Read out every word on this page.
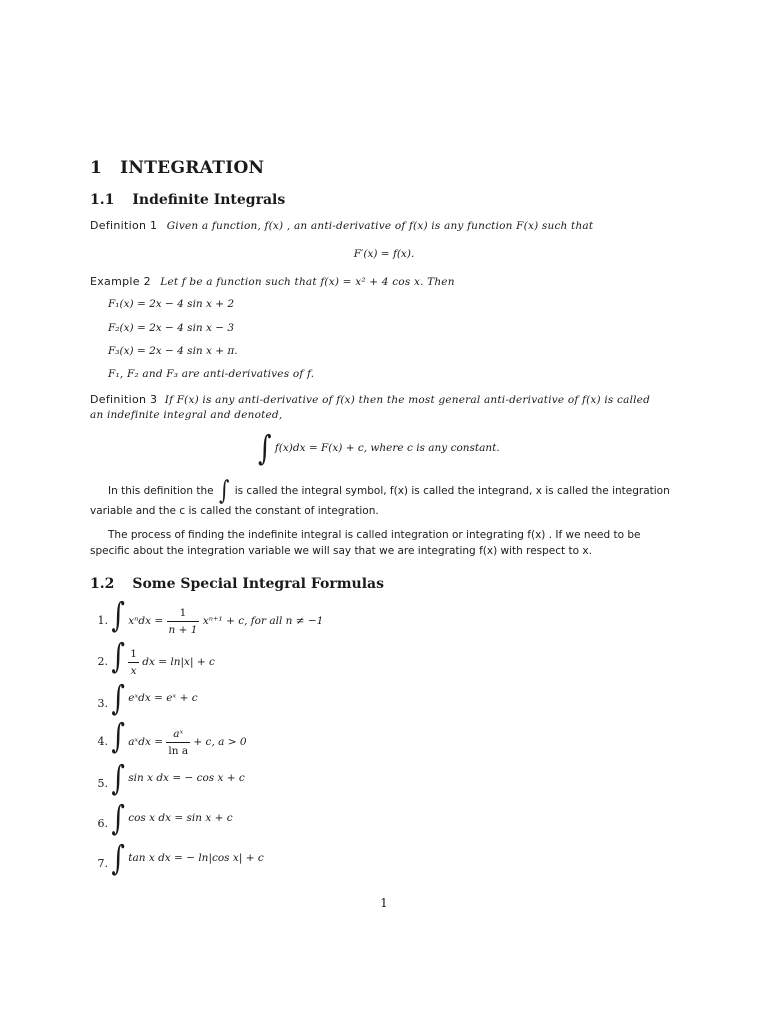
1 INTEGRATION
1.1 Indefinite Integrals
Definition 1 Given a function, f(x) , an anti-derivative of f(x) is any function F(x) such that
F′(x) = f(x).
Example 2 Let f be a function such that f(x) = x² + 4 cos x. Then
F₁(x) = 2x − 4 sin x + 2
F₂(x) = 2x − 4 sin x − 3
F₃(x) = 2x − 4 sin x + π.
F₁, F₂ and F₃ are anti-derivatives of f.
Definition 3 If F(x) is any anti-derivative of f(x) then the most general anti-derivative of f(x) is called
an indefinite integral and denoted,
∫ f(x)dx = F(x) + c, where c is any constant.
In this definition the ∫ is called the integral symbol, f(x) is called the integrand, x is called the integration
variable and the c is called the constant of integration.
The process of finding the indefinite integral is called integration or integrating f(x) . If we need to be
specific about the integration variable we will say that we are integrating f(x) with respect to x.
1.2 Some Special Integral Formulas
1. ∫ $x^ndx = \frac{1}{n + 1} x^{n+1} + c$, for all n ≠ −1
2. ∫ $\frac{1}{x}$ dx = ln|x| + c
3. ∫ eˣdx = eˣ + c
4. ∫ aˣdx = $\frac{\text{aˣ}}{\text{ln a}} + c$, a > 0
5. ∫ sin x dx = − cos x + c
6. ∫ cos x dx = sin x + c
7. ∫ tan x dx = − ln|cos x| + c
1
